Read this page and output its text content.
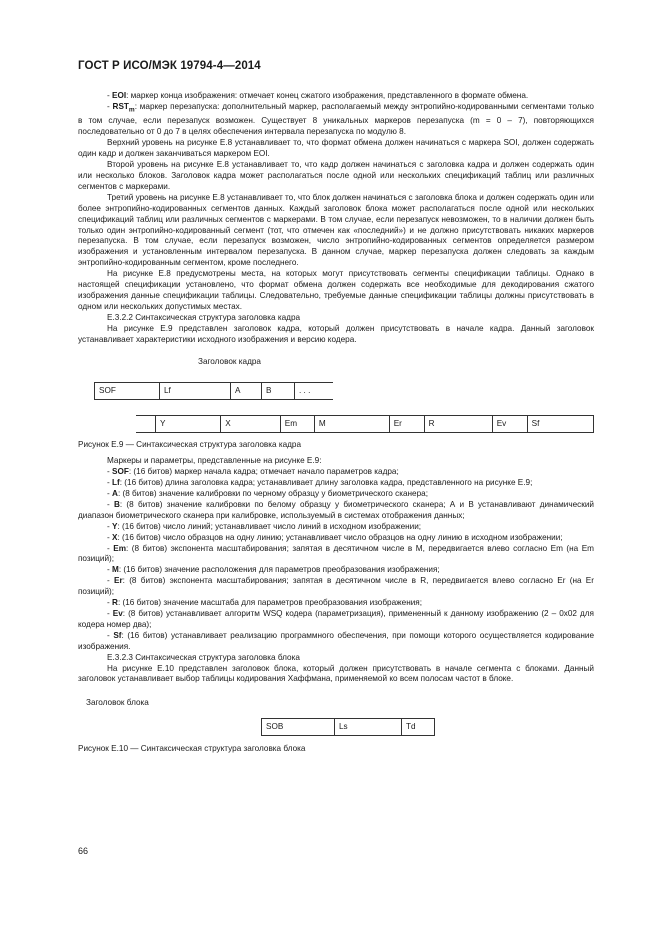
ГОСТ Р ИСО/МЭК 19794-4—2014

- EOI: маркер конца изображения: отмечает конец сжатого изображения, представленного в формате обмена.

- $RST_m$: маркер перезапуска: дополнительный маркер, располагаемый между энтропийно-кодированными сегментами только в том случае, если перезапуск возможен. Существует 8 уникальных маркеров перезапуска (m = 0 – 7), повторяющихся последовательно от 0 до 7 в целях обеспечения интервала перезапуска по модулю 8.

Верхний уровень на рисунке Е.8 устанавливает то, что формат обмена должен начинаться с маркера SOI, должен содержать один кадр и должен заканчиваться маркером EOI.

Второй уровень на рисунке Е.8 устанавливает то, что кадр должен начинаться с заголовка кадра и должен содержать один или несколько блоков. Заголовок кадра может располагаться после одной или нескольких спецификаций таблиц или различных сегментов с маркерами.

Третий уровень на рисунке Е.8 устанавливает то, что блок должен начинаться с заголовка блока и должен содержать один или более энтропийно-кодированных сегментов данных. Каждый заголовок блока может располагаться после одной или нескольких спецификаций таблиц или различных сегментов с маркерами. В том случае, если перезапуск невозможен, то в наличии должен быть только один энтропийно-кодированный сегмент (тот, что отмечен как «последний») и не должно присутствовать никаких маркеров перезапуска. В том случае, если перезапуск возможен, число энтропийно-кодированных сегментов определяется размером изображения и установленным интервалом перезапуска. В данном случае, маркер перезапуска должен следовать за каждым энтропийно-кодированным сегментом, кроме последнего.

На рисунке Е.8 предусмотрены места, на которых могут присутствовать сегменты спецификации таблицы. Однако в настоящей спецификации установлено, что формат обмена должен содержать все необходимые для декодирования сжатого изображения данные спецификации таблицы. Следовательно, требуемые данные спецификации таблицы должны присутствовать в одном или нескольких допустимых местах.

Е.3.2.2 Синтаксическая структура заголовка кадра

На рисунке Е.9 представлен заголовок кадра, который должен присутствовать в начале кадра. Данный заголовок устанавливает характеристики исходного изображения и версию кодера.

Заголовок кадра

SOF	Lf	A	B	. . .
	Y	X	Em	M	Er	R	Ev	Sf

Рисунок Е.9 — Синтаксическая структура заголовка кадра

Маркеры и параметры, представленные на рисунке Е.9:

- SOF: (16 битов) маркер начала кадра; отмечает начало параметров кадра;

- Lf: (16 битов) длина заголовка кадра; устанавливает длину заголовка кадра, представленного на рисунке Е.9;

- А: (8 битов) значение калибровки по черному образцу у биометрического сканера;

- В: (8 битов) значение калибровки по белому образцу у биометрического сканера; А и В устанавливают динамический диапазон биометрического сканера при калибровке, используемый в системах отображения данных;

- Y: (16 битов) число линий; устанавливает число линий в исходном изображении;

- X: (16 битов) число образцов на одну линию; устанавливает число образцов на одну линию в исходном изображении;

- Em: (8 битов) экспонента масштабирования; запятая в десятичном числе в М, передвигается влево согласно Em (на Em позиций);

- М: (16 битов) значение расположения для параметров преобразования изображения;

- Er: (8 битов) экспонента масштабирования; запятая в десятичном числе в R, передвигается влево согласно Er (на Er позиций);

- R: (16 битов) значение масштаба для параметров преобразования изображения;

- Ev: (8 битов) устанавливает алгоритм WSQ кодера (параметризация), примененный к данному изображению (2 – 0x02 для кодера номер два);

- Sf: (16 битов) устанавливает реализацию программного обеспечения, при помощи которого осуществляется кодирование изображения.

Е.3.2.3 Синтаксическая структура заголовка блока

На рисунке Е.10 представлен заголовок блока, который должен присутствовать в начале сегмента с блоками. Данный заголовок устанавливает выбор таблицы кодирования Хаффмана, применяемой ко всем полосам частот в блоке.

Заголовок блока

SOB	Ls	Td

Рисунок Е.10 — Синтаксическая структура заголовка блока

66
